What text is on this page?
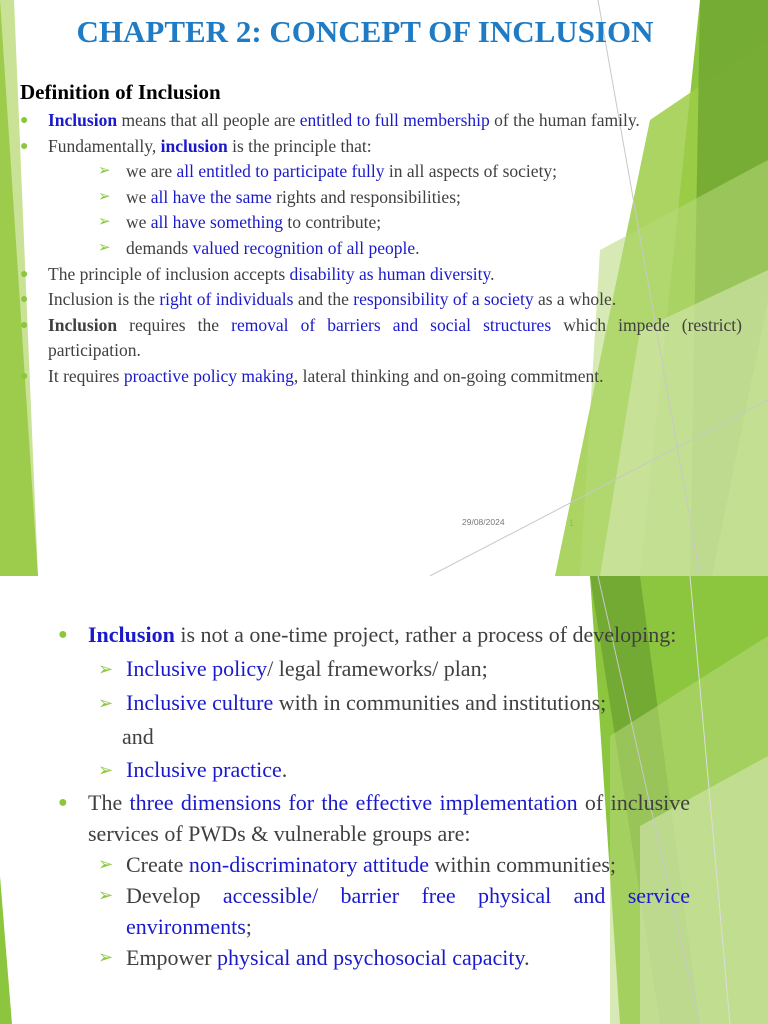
CHAPTER 2: CONCEPT OF INCLUSION
Definition of Inclusion

● Inclusion means that all people are entitled to full membership of the human family.

● Fundamentally, inclusion is the principle that:

➢ we are all entitled to participate fully in all aspects of society;

➢ we all have the same rights and responsibilities;

➢ we all have something to contribute;

➢ demands valued recognition of all people.

● The principle of inclusion accepts disability as human diversity.

● Inclusion is the right of individuals and the responsibility of a society as a whole.

● Inclusion requires the removal of barriers and social structures which impede (restrict) participation.

● It requires proactive policy making, lateral thinking and on-going commitment.

29/08/2024	1

● Inclusion is not a one-time project, rather a process of developing:

➢ Inclusive policy/ legal frameworks/ plan;

➢ Inclusive culture with in communities and institutions;

and

➢ Inclusive practice.

● The three dimensions for the effective implementation of inclusive services of PWDs & vulnerable groups are:

➢ Create non-discriminatory attitude within communities;

➢ Develop accessible/ barrier free physical and service environments;

➢ Empower physical and psychosocial capacity.
